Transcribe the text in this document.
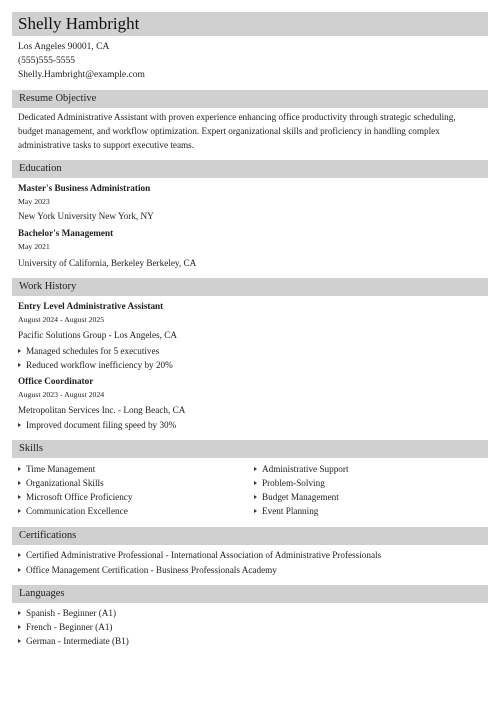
Shelly Hambright
Los Angeles 90001, CA
(555)555-5555
Shelly.Hambright@example.com
Resume Objective
Dedicated Administrative Assistant with proven experience enhancing office productivity through strategic scheduling,
budget management, and workflow optimization. Expert organizational skills and proficiency in handling complex
administrative tasks to support executive teams.
Education
Master's Business Administration
May 2023
New York University New York, NY
Bachelor's Management
May 2021
University of California, Berkeley Berkeley, CA
Work History
Entry Level Administrative Assistant
August 2024 - August 2025
Pacific Solutions Group - Los Angeles, CA
Managed schedules for 5 executives
Reduced workflow inefficiency by 20%
Office Coordinator
August 2023 - August 2024
Metropolitan Services Inc. - Long Beach, CA
Improved document filing speed by 30%
Skills
Time Management
Organizational Skills
Microsoft Office Proficiency
Communication Excellence
Administrative Support
Problem-Solving
Budget Management
Event Planning
Certifications
Certified Administrative Professional - International Association of Administrative Professionals
Office Management Certification - Business Professionals Academy
Languages
Spanish - Beginner (A1)
French - Beginner (A1)
German - Intermediate (B1)
